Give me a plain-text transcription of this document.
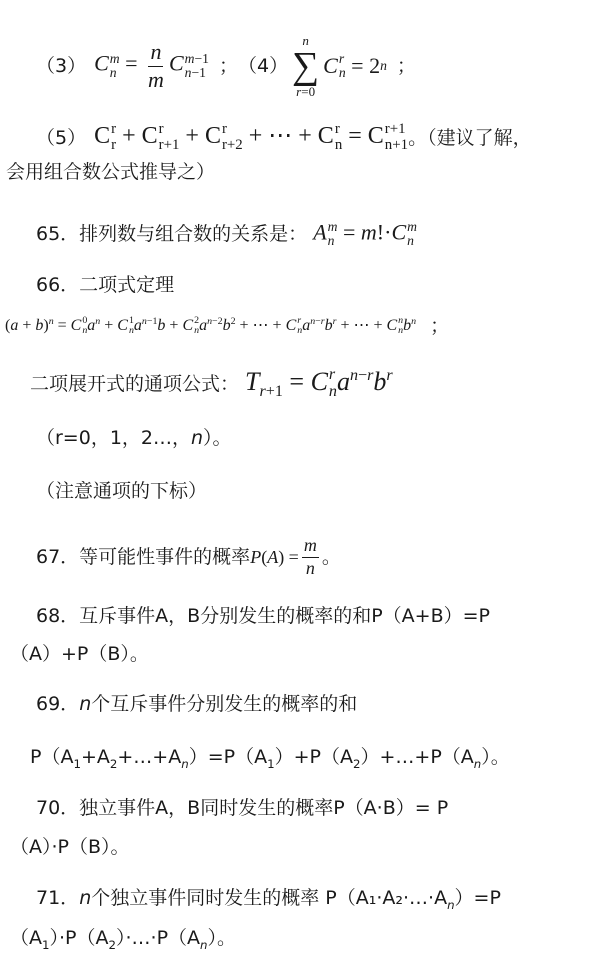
（3） C m
$n = \frac{n}{m}$ C m−1
n−1 ； （4）
n
∑
r=0
C r
n
= 2 n ；
（5） C r
r + C r
r+1 + C r
r+2 + ⋯ + C r
n = C r+1
n+1 。（建议了解，
会用组合数公式推导之）
65．排列数与组合数的关系是： A m
n = m!·C m
n
66．二项式定理
$(a + b)^n = C$ 0
n $a^n + C$ 1
n $a^{n-1}b + C$ 2
n $a^{n-2}b^2$ + ⋯ + C r
n $a^{n-r}b^r$ + ⋯ + C n
n $b^n$ ；
二项展开式的通项公式： $T_{r+1} = C$ r
n $a^{n-r}b^r$
（r=0，1，2…，n）。
（注意通项的下标）
67．等可能性事件的概率 P ( A ) = $\frac{m}{n}$ 。
68．互斥事件A，B分别发生的概率的和P（A+B）=P
（A）+P（B）。
69．n个互斥事件分别发生的概率的和
$P(A_1+A_2+\dots+A_n)=P(A_1)+P(A_2)+\dots+P(A_n)$。
70．独立事件A，B同时发生的概率P（A·B）= P
（A）·P（B）。
71．n个独立事件同时发生的概率 $P(A_1\cdot A_2\cdot\dots\cdot A_n)=P$
$(A_1)\cdot P(A_2)\cdot\dots\cdot P(A_n)$。
